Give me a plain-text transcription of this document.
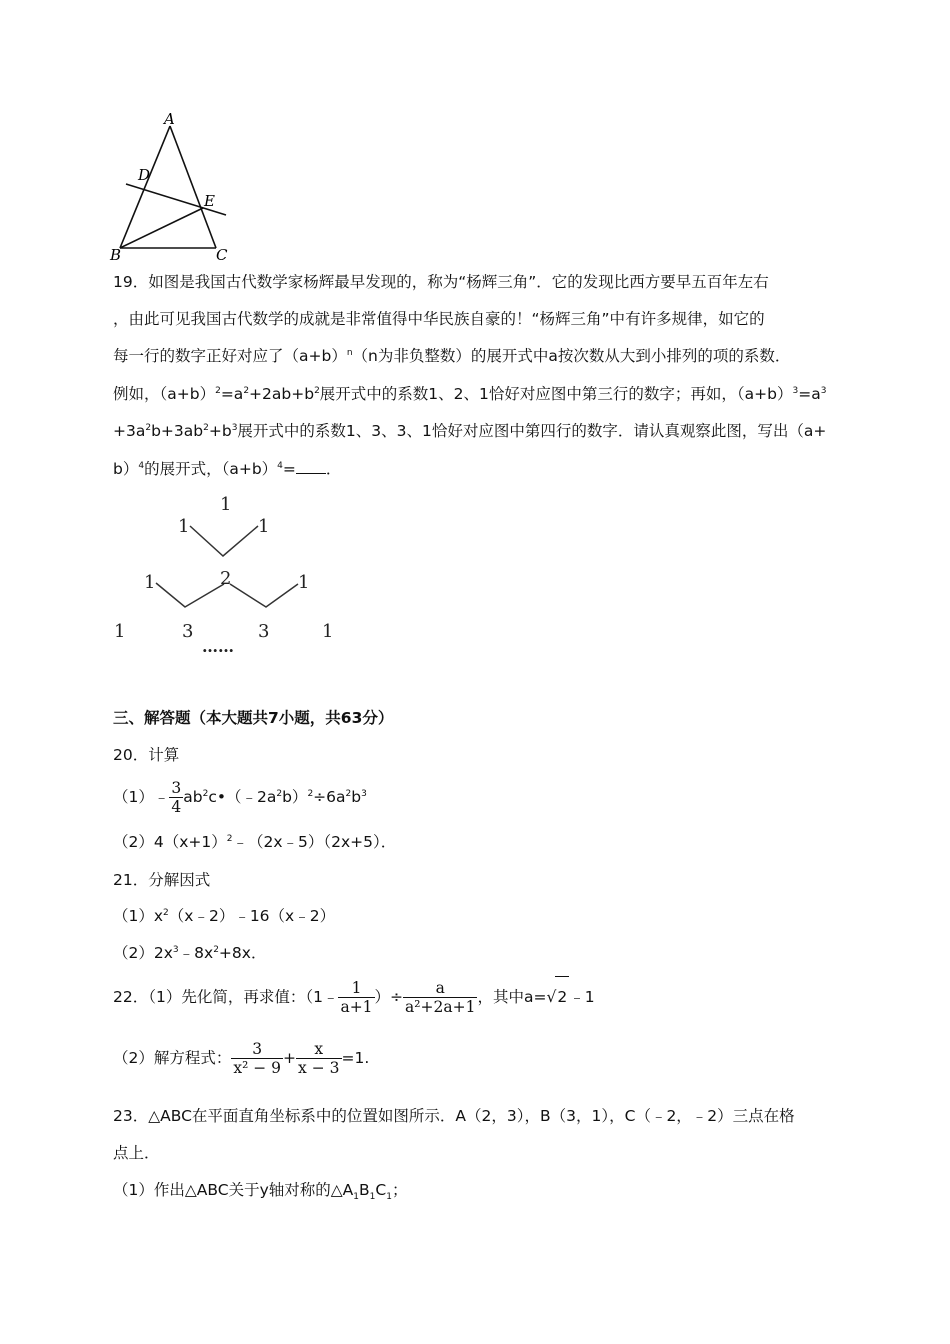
A
D
E
B	C
19．如图是我国古代数学家杨辉最早发现的，称为“杨辉三角”．它的发现比西方要早五百年左右
，由此可见我国古代数学的成就是非常值得中华民族自豪的！“杨辉三角”中有许多规律，如它的
每一行的数字正好对应了$(a+b)^n(n$为非负整数）的展开式中a按次数从大到小排列的项的系数．
例如，$(a+b)^2=a^2+2ab+b^2$展开式中的系数1、2、1恰好对应图中第三行的数字；再如，$(a+b)^3=a^3$
$+3a^2b+3ab^2+b^3$展开式中的系数1、3、3、1恰好对应图中第四行的数字．请认真观察此图，写出（a+
b）$^4$的展开式，$(a+b)^4=$ ．
1
1	1
1	2	1
1	3	3	1
……
三、解答题（本大题共7小题，共63分）
20．计算
（1）﹣ $\frac{3}{4}$ $ab^2c•(﹣2a^2b)^2\div 6a^2b^3$
$(2)4(x+1)^2﹣(2x﹣5)(2x+5)$．
21．分解因式
$(1)x^2(x﹣2)﹣16(x﹣2)$
$(2)2x^3﹣8x^2+8x$．
22．（1）先化简，再求值：（1﹣ $\frac{1}{a+1}$ ）÷ $\frac{a}{\text{a²+2a+1}}$ ，其中a=√2 ﹣1
（2）解方程式： $\frac{3}{\text{x² − 9}} + \frac{x}{x - 3} =1$.
23．△ABC在平面直角坐标系中的位置如图所示．A（2，3），B（3，1），C（﹣2，﹣2）三点在格
点上．
（1）作出△ABC关于y轴对称的$\triangle A_1B_1C_1$；
